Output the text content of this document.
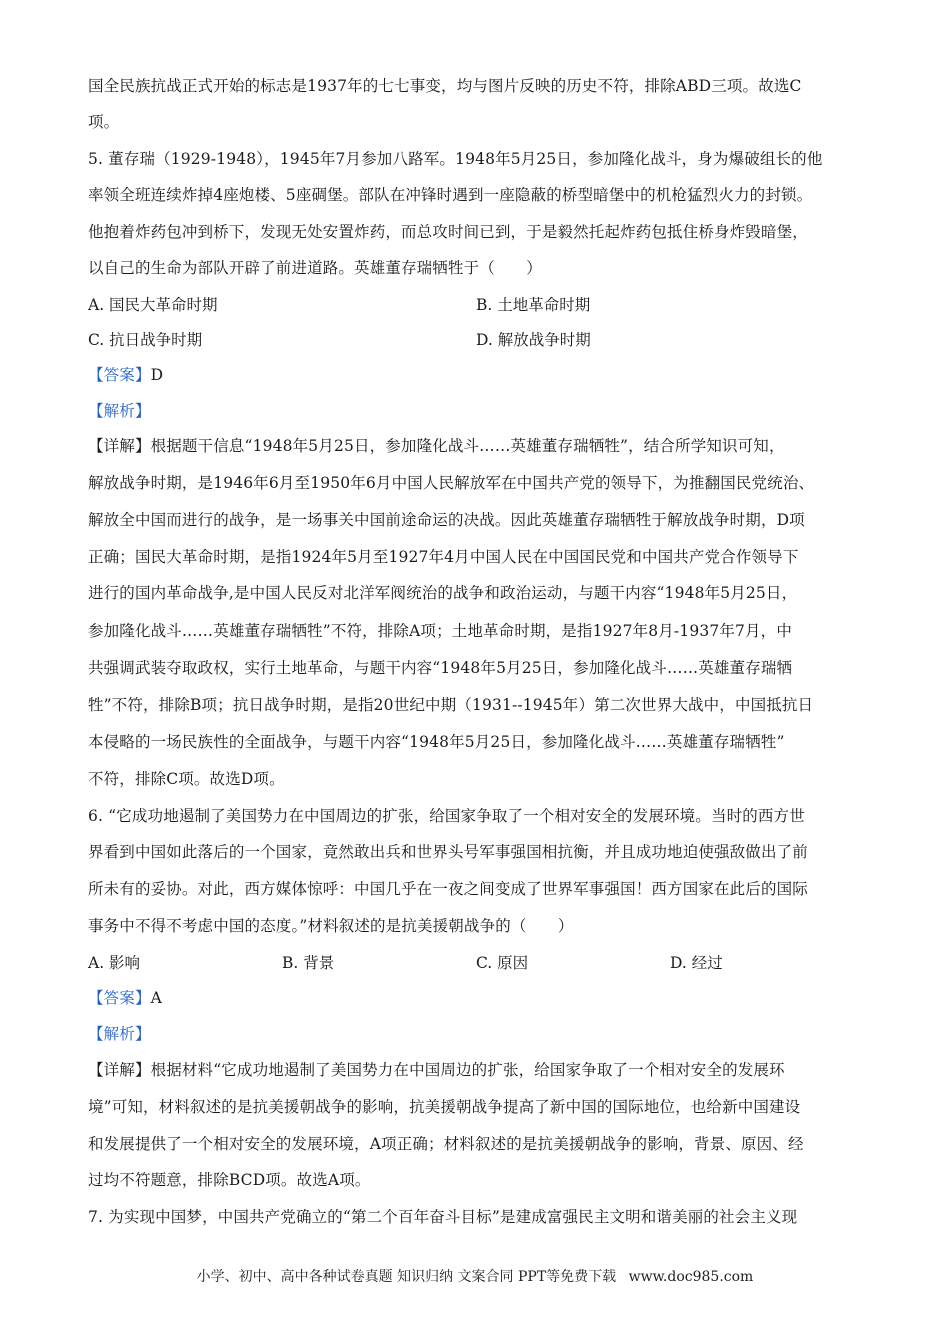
国全民族抗战正式开始的标志是1937年的七七事变，均与图片反映的历史不符，排除ABD三项。故选C
项。
5. 董存瑞（1929-1948），1945年7月参加八路军。1948年5月25日，参加隆化战斗，身为爆破组长的他
率领全班连续炸掉4座炮楼、5座碉堡。部队在冲锋时遇到一座隐蔽的桥型暗堡中的机枪猛烈火力的封锁。
他抱着炸药包冲到桥下，发现无处安置炸药，而总攻时间已到，于是毅然托起炸药包抵住桥身炸毁暗堡，
以自己的生命为部队开辟了前进道路。英雄董存瑞牺牲于（　　）
A. 国民大革命时期	B. 土地革命时期
C. 抗日战争时期	D. 解放战争时期
【答案】D
【解析】
【详解】根据题干信息“1948年5月25日，参加隆化战斗……英雄董存瑞牺牲”，结合所学知识可知，
解放战争时期，是1946年6月至1950年6月中国人民解放军在中国共产党的领导下，为推翻国民党统治、
解放全中国而进行的战争，是一场事关中国前途命运的决战。因此英雄董存瑞牺牲于解放战争时期，D项
正确；国民大革命时期，是指1924年5月至1927年4月中国人民在中国国民党和中国共产党合作领导下
进行的国内革命战争,是中国人民反对北洋军阀统治的战争和政治运动，与题干内容“1948年5月25日，
参加隆化战斗……英雄董存瑞牺牲”不符，排除A项；土地革命时期，是指1927年8月-1937年7月，中
共强调武装夺取政权，实行土地革命，与题干内容“1948年5月25日，参加隆化战斗……英雄董存瑞牺
牲”不符，排除B项；抗日战争时期，是指20世纪中期（1931--1945年）第二次世界大战中，中国抵抗日
本侵略的一场民族性的全面战争，与题干内容“1948年5月25日，参加隆化战斗……英雄董存瑞牺牲”
不符，排除C项。故选D项。
6. “它成功地遏制了美国势力在中国周边的扩张，给国家争取了一个相对安全的发展环境。当时的西方世
界看到中国如此落后的一个国家，竟然敢出兵和世界头号军事强国相抗衡，并且成功地迫使强敌做出了前
所未有的妥协。对此，西方媒体惊呼：中国几乎在一夜之间变成了世界军事强国！西方国家在此后的国际
事务中不得不考虑中国的态度。”材料叙述的是抗美援朝战争的（　　）
A. 影响	B. 背景	C. 原因	D. 经过
【答案】A
【解析】
【详解】根据材料“它成功地遏制了美国势力在中国周边的扩张，给国家争取了一个相对安全的发展环
境”可知，材料叙述的是抗美援朝战争的影响，抗美援朝战争提高了新中国的国际地位，也给新中国建设
和发展提供了一个相对安全的发展环境，A项正确；材料叙述的是抗美援朝战争的影响，背景、原因、经
过均不符题意，排除BCD项。故选A项。
7. 为实现中国梦，中国共产党确立的“第二个百年奋斗目标”是建成富强民主文明和谐美丽的社会主义现
小学、初中、高中各种试卷真题 知识归纳 文案合同 PPT等免费下载 www.doc985.com
